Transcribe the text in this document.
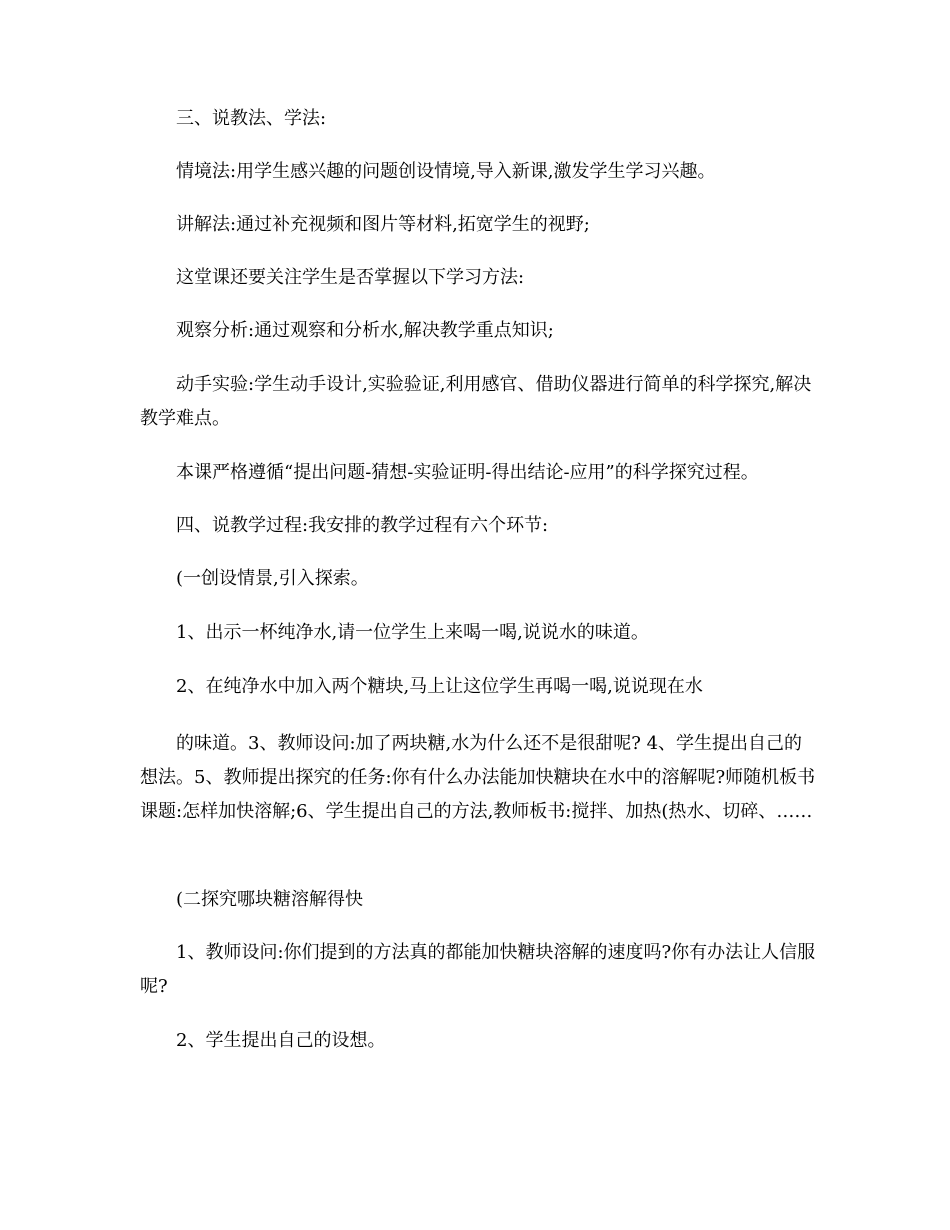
三、说教法、学法:

情境法:用学生感兴趣的问题创设情境,导入新课,激发学生学习兴趣。

讲解法:通过补充视频和图片等材料,拓宽学生的视野;

这堂课还要关注学生是否掌握以下学习方法:

观察分析:通过观察和分析水,解决教学重点知识;

动手实验:学生动手设计,实验验证,利用感官、借助仪器进行简单的科学探究,解决教学难点。

本课严格遵循“提出问题-猜想-实验证明-得出结论-应用”的科学探究过程。

四、说教学过程:我安排的教学过程有六个环节:

(一创设情景,引入探索。

1、出示一杯纯净水,请一位学生上来喝一喝,说说水的味道。

2、在纯净水中加入两个糖块,马上让这位学生再喝一喝,说说现在水

的味道。3、教师设问:加了两块糖,水为什么还不是很甜呢? 4、学生提出自己的想法。5、教师提出探究的任务:你有什么办法能加快糖块在水中的溶解呢?师随机板书课题:怎样加快溶解;6、学生提出自己的方法,教师板书:搅拌、加热(热水、切碎、……

(二探究哪块糖溶解得快

1、教师设问:你们提到的方法真的都能加快糖块溶解的速度吗?你有办法让人信服呢?

2、学生提出自己的设想。
